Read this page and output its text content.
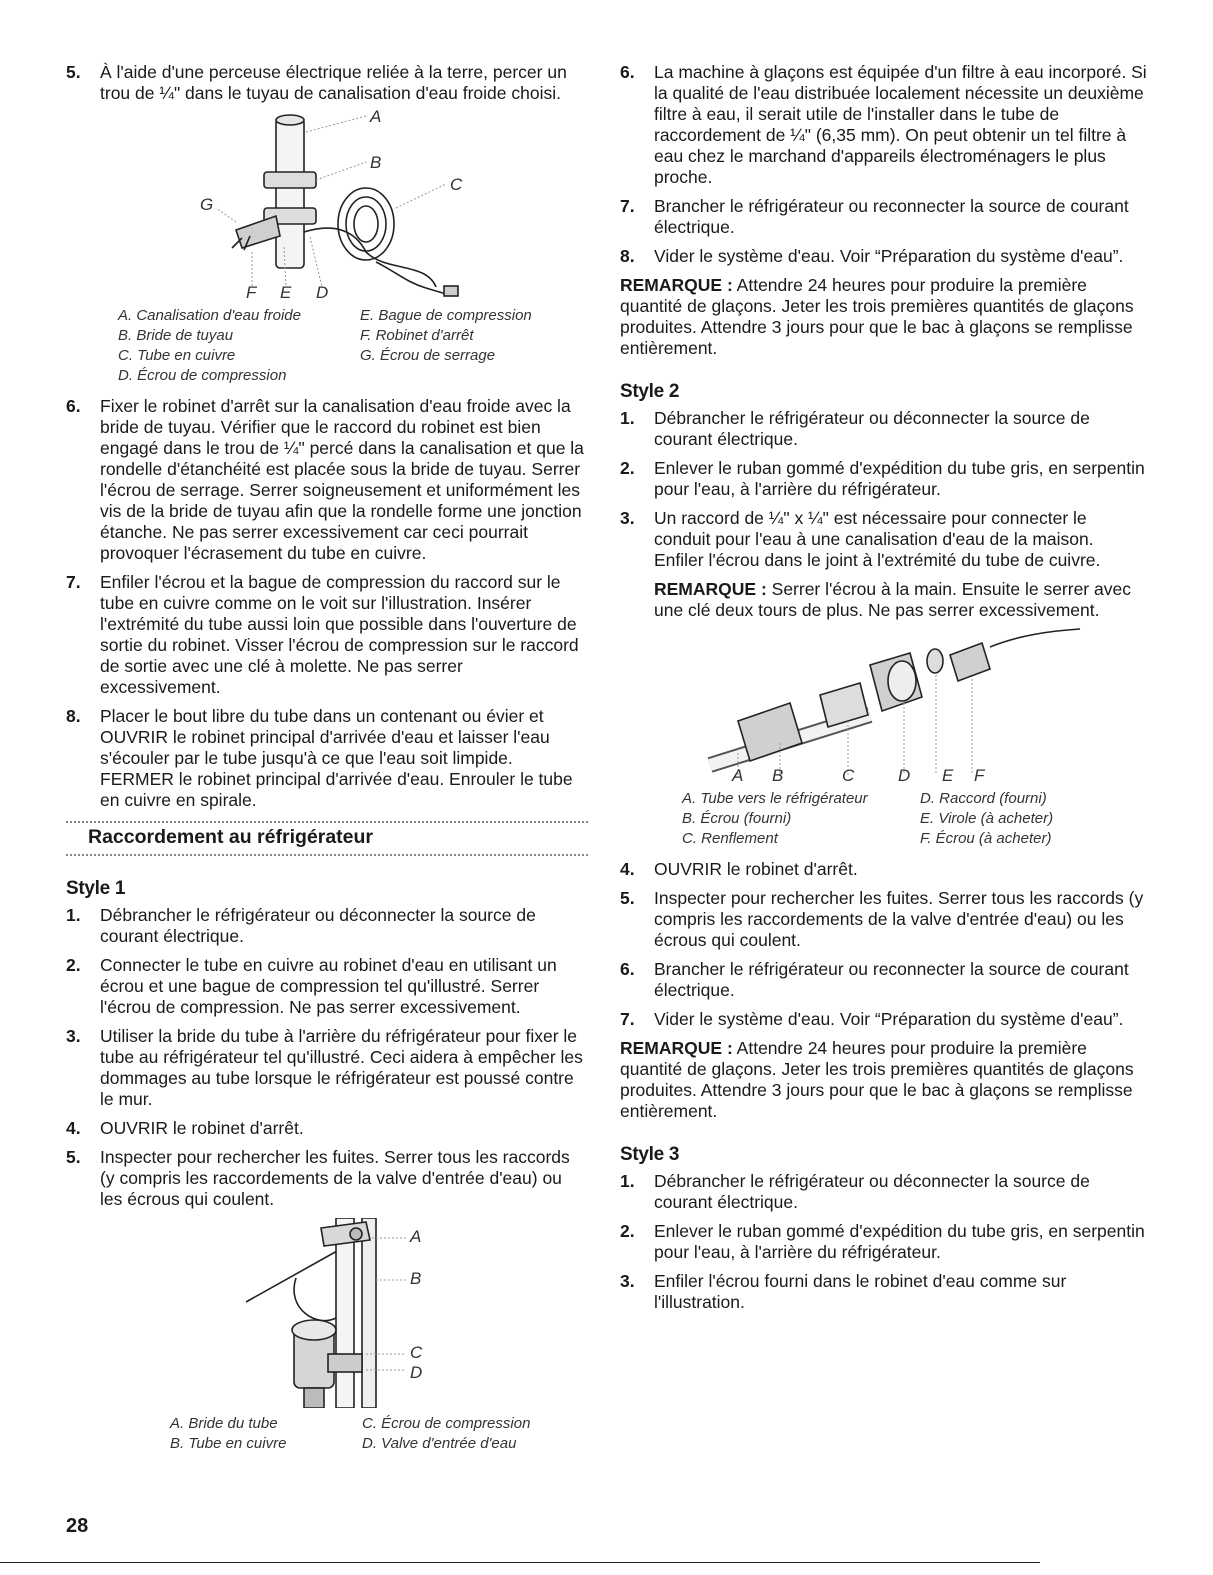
5. À l'aide d'une perceuse électrique reliée à la terre, percer un trou de ¼" dans le tuyau de canalisation d'eau froide choisi.
A
B
C
G
F E D
A. Canalisation d'eau froide	E. Bague de compression
B. Bride de tuyau	F. Robinet d'arrêt
C. Tube en cuivre	G. Écrou de serrage
D. Écrou de compression
6. Fixer le robinet d'arrêt sur la canalisation d'eau froide avec la bride de tuyau. Vérifier que le raccord du robinet est bien engagé dans le trou de ¼" percé dans la canalisation et que la rondelle d'étanchéité est placée sous la bride de tuyau. Serrer l'écrou de serrage. Serrer soigneusement et uniformément les vis de la bride de tuyau afin que la rondelle forme une jonction étanche. Ne pas serrer excessivement car ceci pourrait provoquer l'écrasement du tube en cuivre.
7. Enfiler l'écrou et la bague de compression du raccord sur le tube en cuivre comme on le voit sur l'illustration. Insérer l'extrémité du tube aussi loin que possible dans l'ouverture de sortie du robinet. Visser l'écrou de compression sur le raccord de sortie avec une clé à molette. Ne pas serrer excessivement.
8. Placer le bout libre du tube dans un contenant ou évier et OUVRIR le robinet principal d'arrivée d'eau et laisser l'eau s'écouler par le tube jusqu'à ce que l'eau soit limpide. FERMER le robinet principal d'arrivée d'eau. Enrouler le tube en cuivre en spirale.
Raccordement au réfrigérateur
Style 1
1. Débrancher le réfrigérateur ou déconnecter la source de courant électrique.
2. Connecter le tube en cuivre au robinet d'eau en utilisant un écrou et une bague de compression tel qu'illustré. Serrer l'écrou de compression. Ne pas serrer excessivement.
3. Utiliser la bride du tube à l'arrière du réfrigérateur pour fixer le tube au réfrigérateur tel qu'illustré. Ceci aidera à empêcher les dommages au tube lorsque le réfrigérateur est poussé contre le mur.
4. OUVRIR le robinet d'arrêt.
5. Inspecter pour rechercher les fuites. Serrer tous les raccords (y compris les raccordements de la valve d'entrée d'eau) ou les écrous qui coulent.
A
B
C
D
A. Bride du tube	C. Écrou de compression
B. Tube en cuivre	D. Valve d'entrée d'eau
6. La machine à glaçons est équipée d'un filtre à eau incorporé. Si la qualité de l'eau distribuée localement nécessite un deuxième filtre à eau, il serait utile de l'installer dans le tube de raccordement de ¼" (6,35 mm). On peut obtenir un tel filtre à eau chez le marchand d'appareils électroménagers le plus proche.
7. Brancher le réfrigérateur ou reconnecter la source de courant électrique.
8. Vider le système d'eau. Voir “Préparation du système d'eau”.
REMARQUE : Attendre 24 heures pour produire la première quantité de glaçons. Jeter les trois premières quantités de glaçons produites. Attendre 3 jours pour que le bac à glaçons se remplisse entièrement.
Style 2
1. Débrancher le réfrigérateur ou déconnecter la source de courant électrique.
2. Enlever le ruban gommé d'expédition du tube gris, en serpentin pour l'eau, à l'arrière du réfrigérateur.
3. Un raccord de ¼" x ¼" est nécessaire pour connecter le conduit pour l'eau à une canalisation d'eau de la maison. Enfiler l'écrou dans le joint à l'extrémité du tube de cuivre.
REMARQUE : Serrer l'écrou à la main. Ensuite le serrer avec une clé deux tours de plus. Ne pas serrer excessivement.
A B	C	D E F
A. Tube vers le réfrigérateur	D. Raccord (fourni)
B. Écrou (fourni)	E. Virole (à acheter)
C. Renflement	F. Écrou (à acheter)
4. OUVRIR le robinet d'arrêt.
5. Inspecter pour rechercher les fuites. Serrer tous les raccords (y compris les raccordements de la valve d'entrée d'eau) ou les écrous qui coulent.
6. Brancher le réfrigérateur ou reconnecter la source de courant électrique.
7. Vider le système d'eau. Voir “Préparation du système d'eau”.
REMARQUE : Attendre 24 heures pour produire la première quantité de glaçons. Jeter les trois premières quantités de glaçons produites. Attendre 3 jours pour que le bac à glaçons se remplisse entièrement.
Style 3
1. Débrancher le réfrigérateur ou déconnecter la source de courant électrique.
2. Enlever le ruban gommé d'expédition du tube gris, en serpentin pour l'eau, à l'arrière du réfrigérateur.
3. Enfiler l'écrou fourni dans le robinet d'eau comme sur l'illustration.
28
